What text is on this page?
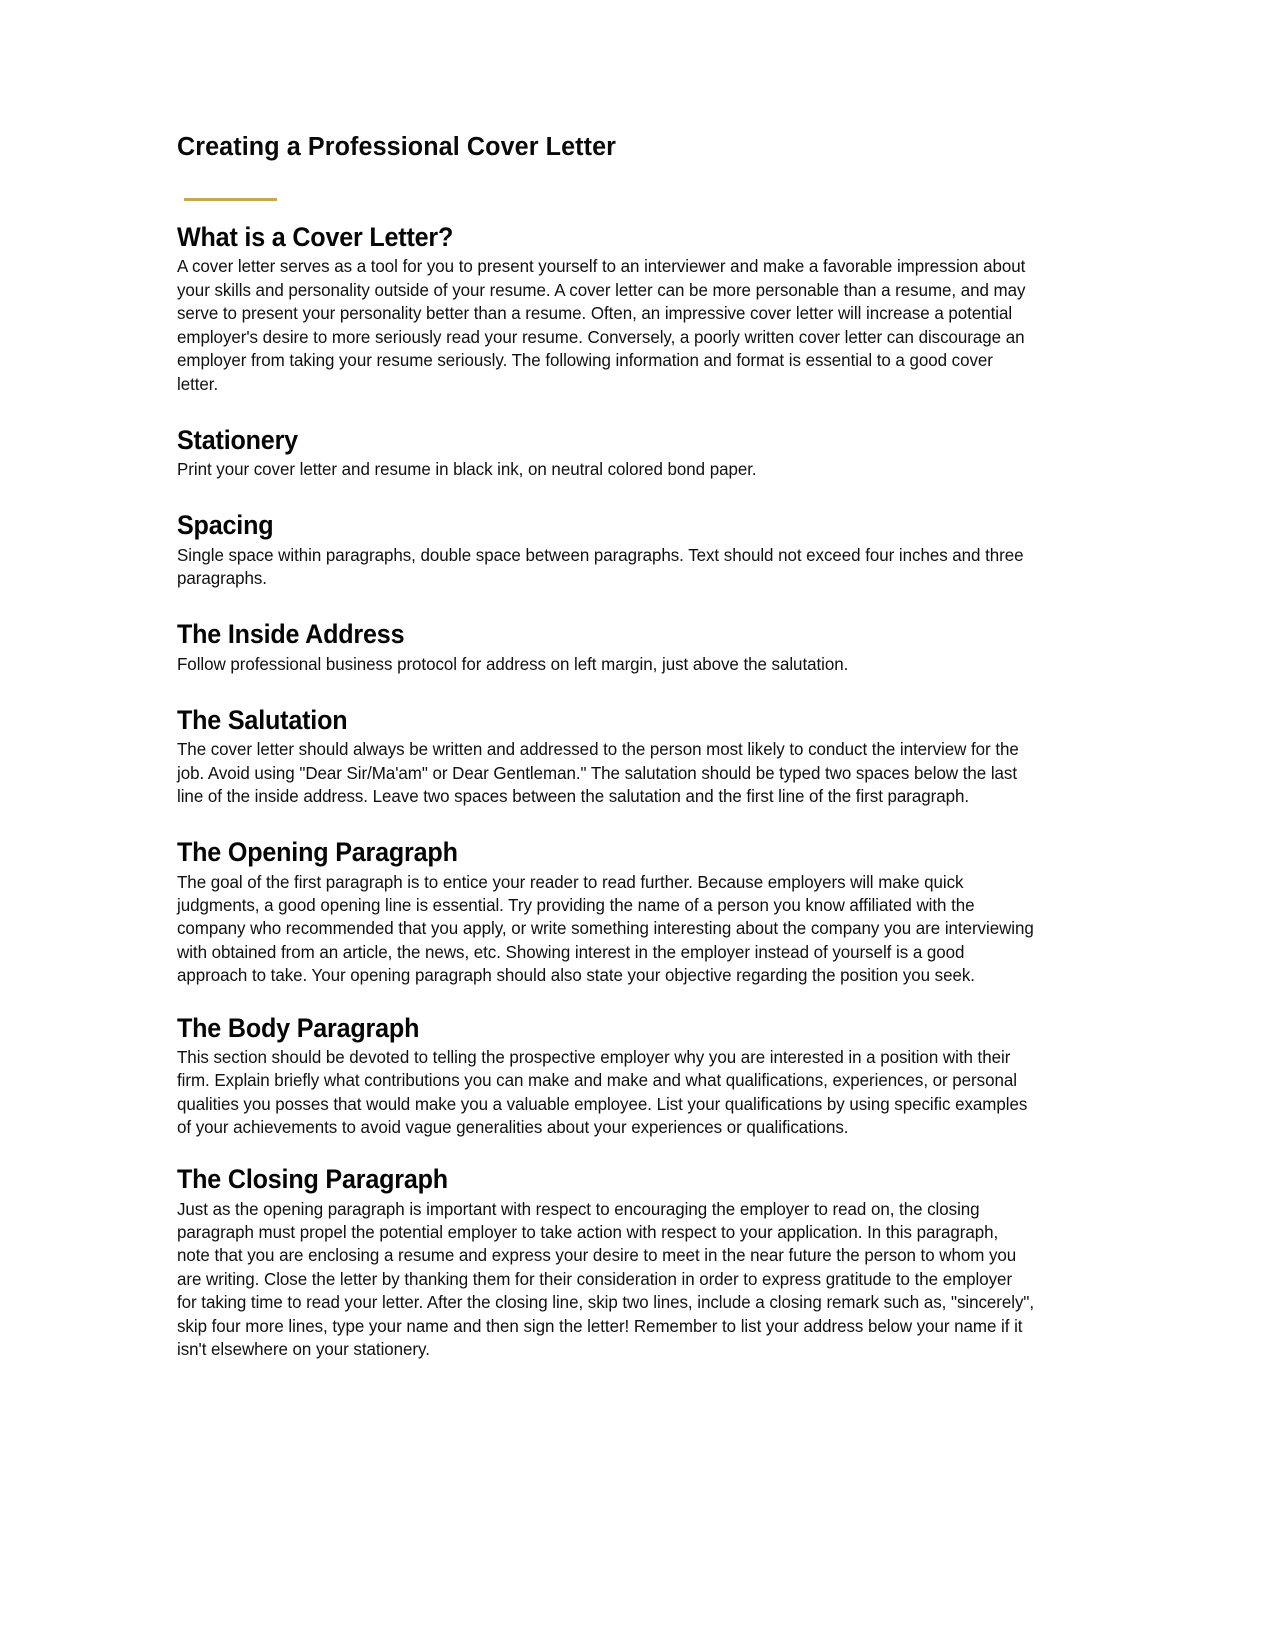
Creating a Professional Cover Letter
What is a Cover Letter?

A cover letter serves as a tool for you to present yourself to an interviewer and make a favorable impression about your skills and personality outside of your resume. A cover letter can be more personable than a resume, and may serve to present your personality better than a resume. Often, an impressive cover letter will increase a potential employer's desire to more seriously read your resume. Conversely, a poorly written cover letter can discourage an employer from taking your resume seriously. The following information and format is essential to a good cover letter.

Stationery

Print your cover letter and resume in black ink, on neutral colored bond paper.

Spacing

Single space within paragraphs, double space between paragraphs. Text should not exceed four inches and three paragraphs.

The Inside Address

Follow professional business protocol for address on left margin, just above the salutation.

The Salutation

The cover letter should always be written and addressed to the person most likely to conduct the interview for the job. Avoid using "Dear Sir/Ma'am" or Dear Gentleman." The salutation should be typed two spaces below the last line of the inside address. Leave two spaces between the salutation and the first line of the first paragraph.

The Opening Paragraph

The goal of the first paragraph is to entice your reader to read further. Because employers will make quick judgments, a good opening line is essential. Try providing the name of a person you know affiliated with the company who recommended that you apply, or write something interesting about the company you are interviewing with obtained from an article, the news, etc. Showing interest in the employer instead of yourself is a good approach to take. Your opening paragraph should also state your objective regarding the position you seek.

The Body Paragraph

This section should be devoted to telling the prospective employer why you are interested in a position with their firm. Explain briefly what contributions you can make and make and what qualifications, experiences, or personal qualities you posses that would make you a valuable employee. List your qualifications by using specific examples of your achievements to avoid vague generalities about your experiences or qualifications.

The Closing Paragraph

Just as the opening paragraph is important with respect to encouraging the employer to read on, the closing paragraph must propel the potential employer to take action with respect to your application. In this paragraph, note that you are enclosing a resume and express your desire to meet in the near future the person to whom you are writing. Close the letter by thanking them for their consideration in order to express gratitude to the employer for taking time to read your letter. After the closing line, skip two lines, include a closing remark such as, "sincerely", skip four more lines, type your name and then sign the letter! Remember to list your address below your name if it isn't elsewhere on your stationery.
